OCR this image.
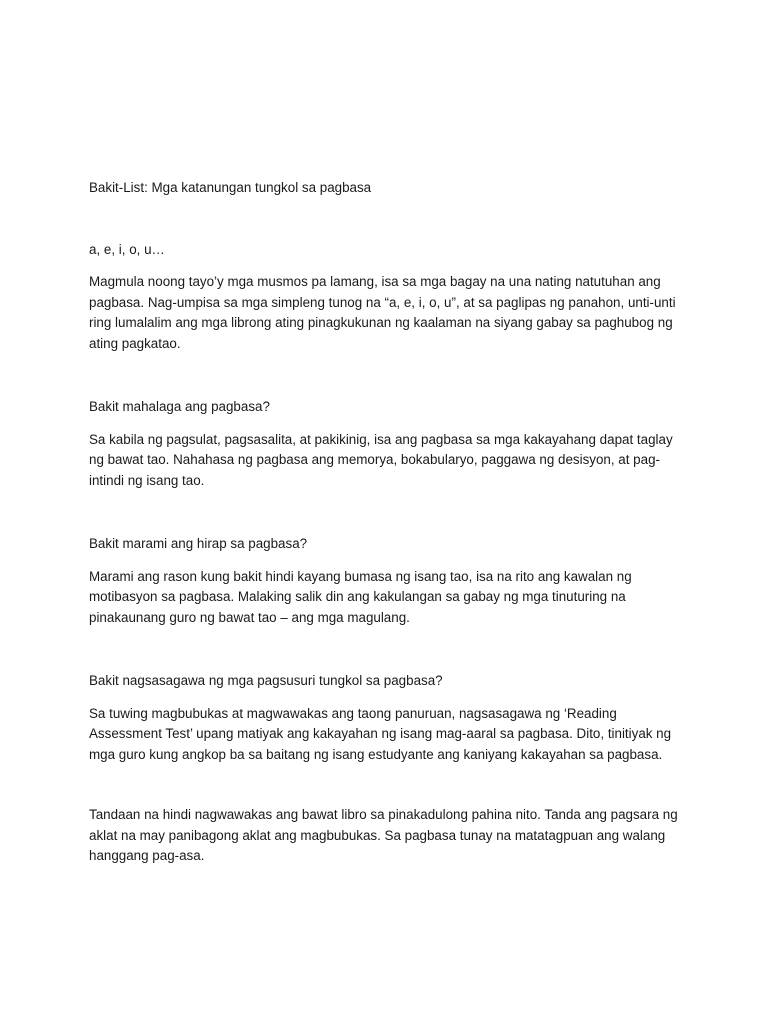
Bakit-List: Mga katanungan tungkol sa pagbasa

a, e, i, o, u…

Magmula noong tayo’y mga musmos pa lamang, isa sa mga bagay na una nating natutuhan ang pagbasa. Nag-umpisa sa mga simpleng tunog na “a, e, i, o, u”, at sa paglipas ng panahon, unti-unti ring lumalalim ang mga librong ating pinagkukunan ng kaalaman na siyang gabay sa paghubog ng ating pagkatao.

Bakit mahalaga ang pagbasa?

Sa kabila ng pagsulat, pagsasalita, at pakikinig, isa ang pagbasa sa mga kakayahang dapat taglay ng bawat tao. Nahahasa ng pagbasa ang memorya, bokabularyo, paggawa ng desisyon, at pag-intindi ng isang tao.

Bakit marami ang hirap sa pagbasa?

Marami ang rason kung bakit hindi kayang bumasa ng isang tao, isa na rito ang kawalan ng motibasyon sa pagbasa. Malaking salik din ang kakulangan sa gabay ng mga tinuturing na pinakaunang guro ng bawat tao – ang mga magulang.

Bakit nagsasagawa ng mga pagsusuri tungkol sa pagbasa?

Sa tuwing magbubukas at magwawakas ang taong panuruan, nagsasagawa ng ‘Reading Assessment Test’ upang matiyak ang kakayahan ng isang mag-aaral sa pagbasa. Dito, tinitiyak ng mga guro kung angkop ba sa baitang ng isang estudyante ang kaniyang kakayahan sa pagbasa.

Tandaan na hindi nagwawakas ang bawat libro sa pinakadulong pahina nito. Tanda ang pagsara ng aklat na may panibagong aklat ang magbubukas. Sa pagbasa tunay na matatagpuan ang walang hanggang pag-asa.
